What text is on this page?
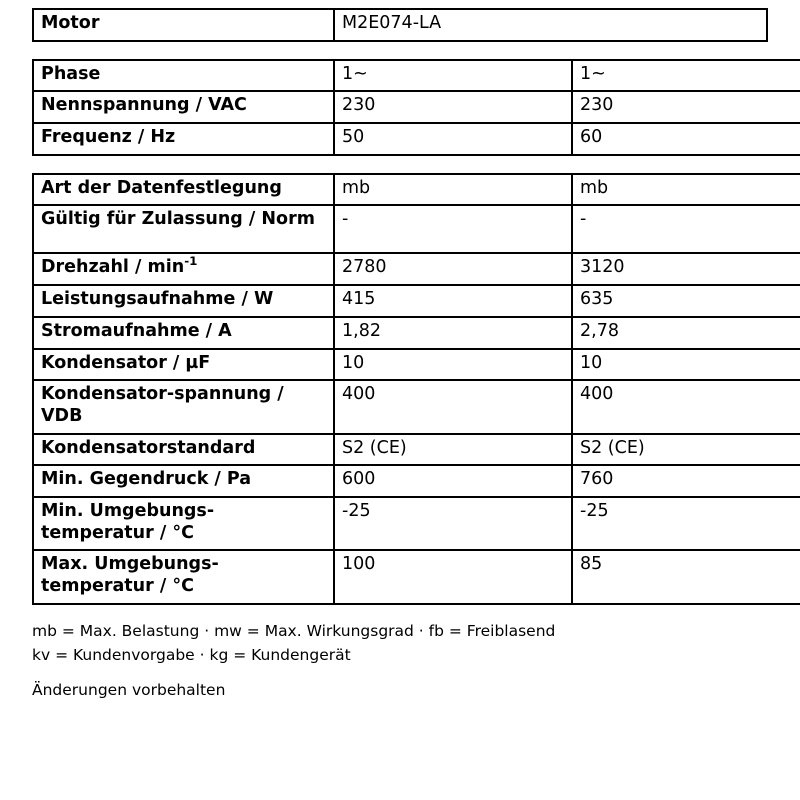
Motor	M2E074-LA
Phase	1~	1~
Nennspannung / VAC	230	230
Frequenz / Hz	50	60
Art der Datenfestlegung	mb	mb
Gültig für Zulassung / Norm	-	-
Drehzahl / $\min^{-1}$	2780	3120
Leistungsaufnahme / W	415	635
Stromaufnahme / A	1,82	2,78
Kondensator / µF	10	10
Kondensator-spannung / VDB	400	400
Kondensatorstandard	S2 (CE)	S2 (CE)
Min. Gegendruck / Pa	600	760
Min. Umgebungs-temperatur / °C	-25	-25
Max. Umgebungs-temperatur / °C	100	85
mb = Max. Belastung · mw = Max. Wirkungsgrad · fb = Freiblasend
kv = Kundenvorgabe · kg = Kundengerät
Änderungen vorbehalten
